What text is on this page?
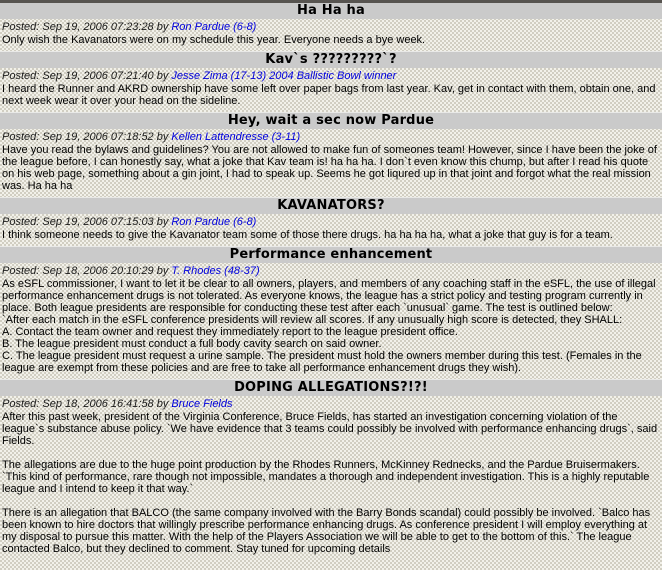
Ha Ha ha
Posted: Sep 19, 2006 07:23:28 by Ron Pardue (6-8)
Only wish the Kavanators were on my schedule this year. Everyone needs a bye week.
Kav`s ?????????`?
Posted: Sep 19, 2006 07:21:40 by Jesse Zima (17-13) 2004 Ballistic Bowl winner
I heard the Runner and AKRD ownership have some left over paper bags from last year. Kav, get in contact with them, obtain one, and next week wear it over your head on the sideline.
Hey, wait a sec now Pardue
Posted: Sep 19, 2006 07:18:52 by Kellen Lattendresse (3-11)
Have you read the bylaws and guidelines? You are not allowed to make fun of someones team! However, since I have been the joke of the league before, I can honestly say, what a joke that Kav team is! ha ha ha. I don`t even know this chump, but after I read his quote on his web page, something about a gin joint, I had to speak up. Seems he got liqured up in that joint and forgot what the real mission was. Ha ha ha
KAVANATORS?
Posted: Sep 19, 2006 07:15:03 by Ron Pardue (6-8)
I think someone needs to give the Kavanator team some of those there drugs. ha ha ha ha, what a joke that guy is for a team.
Performance enhancement
Posted: Sep 18, 2006 20:10:29 by T. Rhodes (48-37)
As eSFL commissioner, I want to let it be clear to all owners, players, and members of any coaching staff in the eSFL, the use of illegal performance enhancement drugs is not tolerated. As everyone knows, the league has a strict policy and testing program currently in place. Both league presidents are responsible for conducting these test after each `unusual` game. The test is outlined below:
`After each match in the eSFL conference presidents will review all scores. If any unusually high score is detected, they SHALL:
A. Contact the team owner and request they immediately report to the league president office.
B. The league president must conduct a full body cavity search on said owner.
C. The league president must request a urine sample. The president must hold the owners member during this test. (Females in the league are exempt from these policies and are free to take all performance enhancement drugs they wish).
DOPING ALLEGATIONS?!?!
Posted: Sep 18, 2006 16:41:58 by Bruce Fields
After this past week, president of the Virginia Conference, Bruce Fields, has started an investigation concerning violation of the league`s substance abuse policy. `We have evidence that 3 teams could possibly be involved with performance enhancing drugs`, said Fields.
The allegations are due to the huge point production by the Rhodes Runners, McKinney Rednecks, and the Pardue Bruisermakers. `This kind of performance, rare though not impossible, mandates a thorough and independent investigation. This is a highly reputable league and I intend to keep it that way.`
There is an allegation that BALCO (the same company involved with the Barry Bonds scandal) could possibly be involved. `Balco has been known to hire doctors that willingly prescribe performance enhancing drugs. As conference president I will employ everything at my disposal to pursue this matter. With the help of the Players Association we will be able to get to the bottom of this.` The league contacted Balco, but they declined to comment. Stay tuned for upcoming details
